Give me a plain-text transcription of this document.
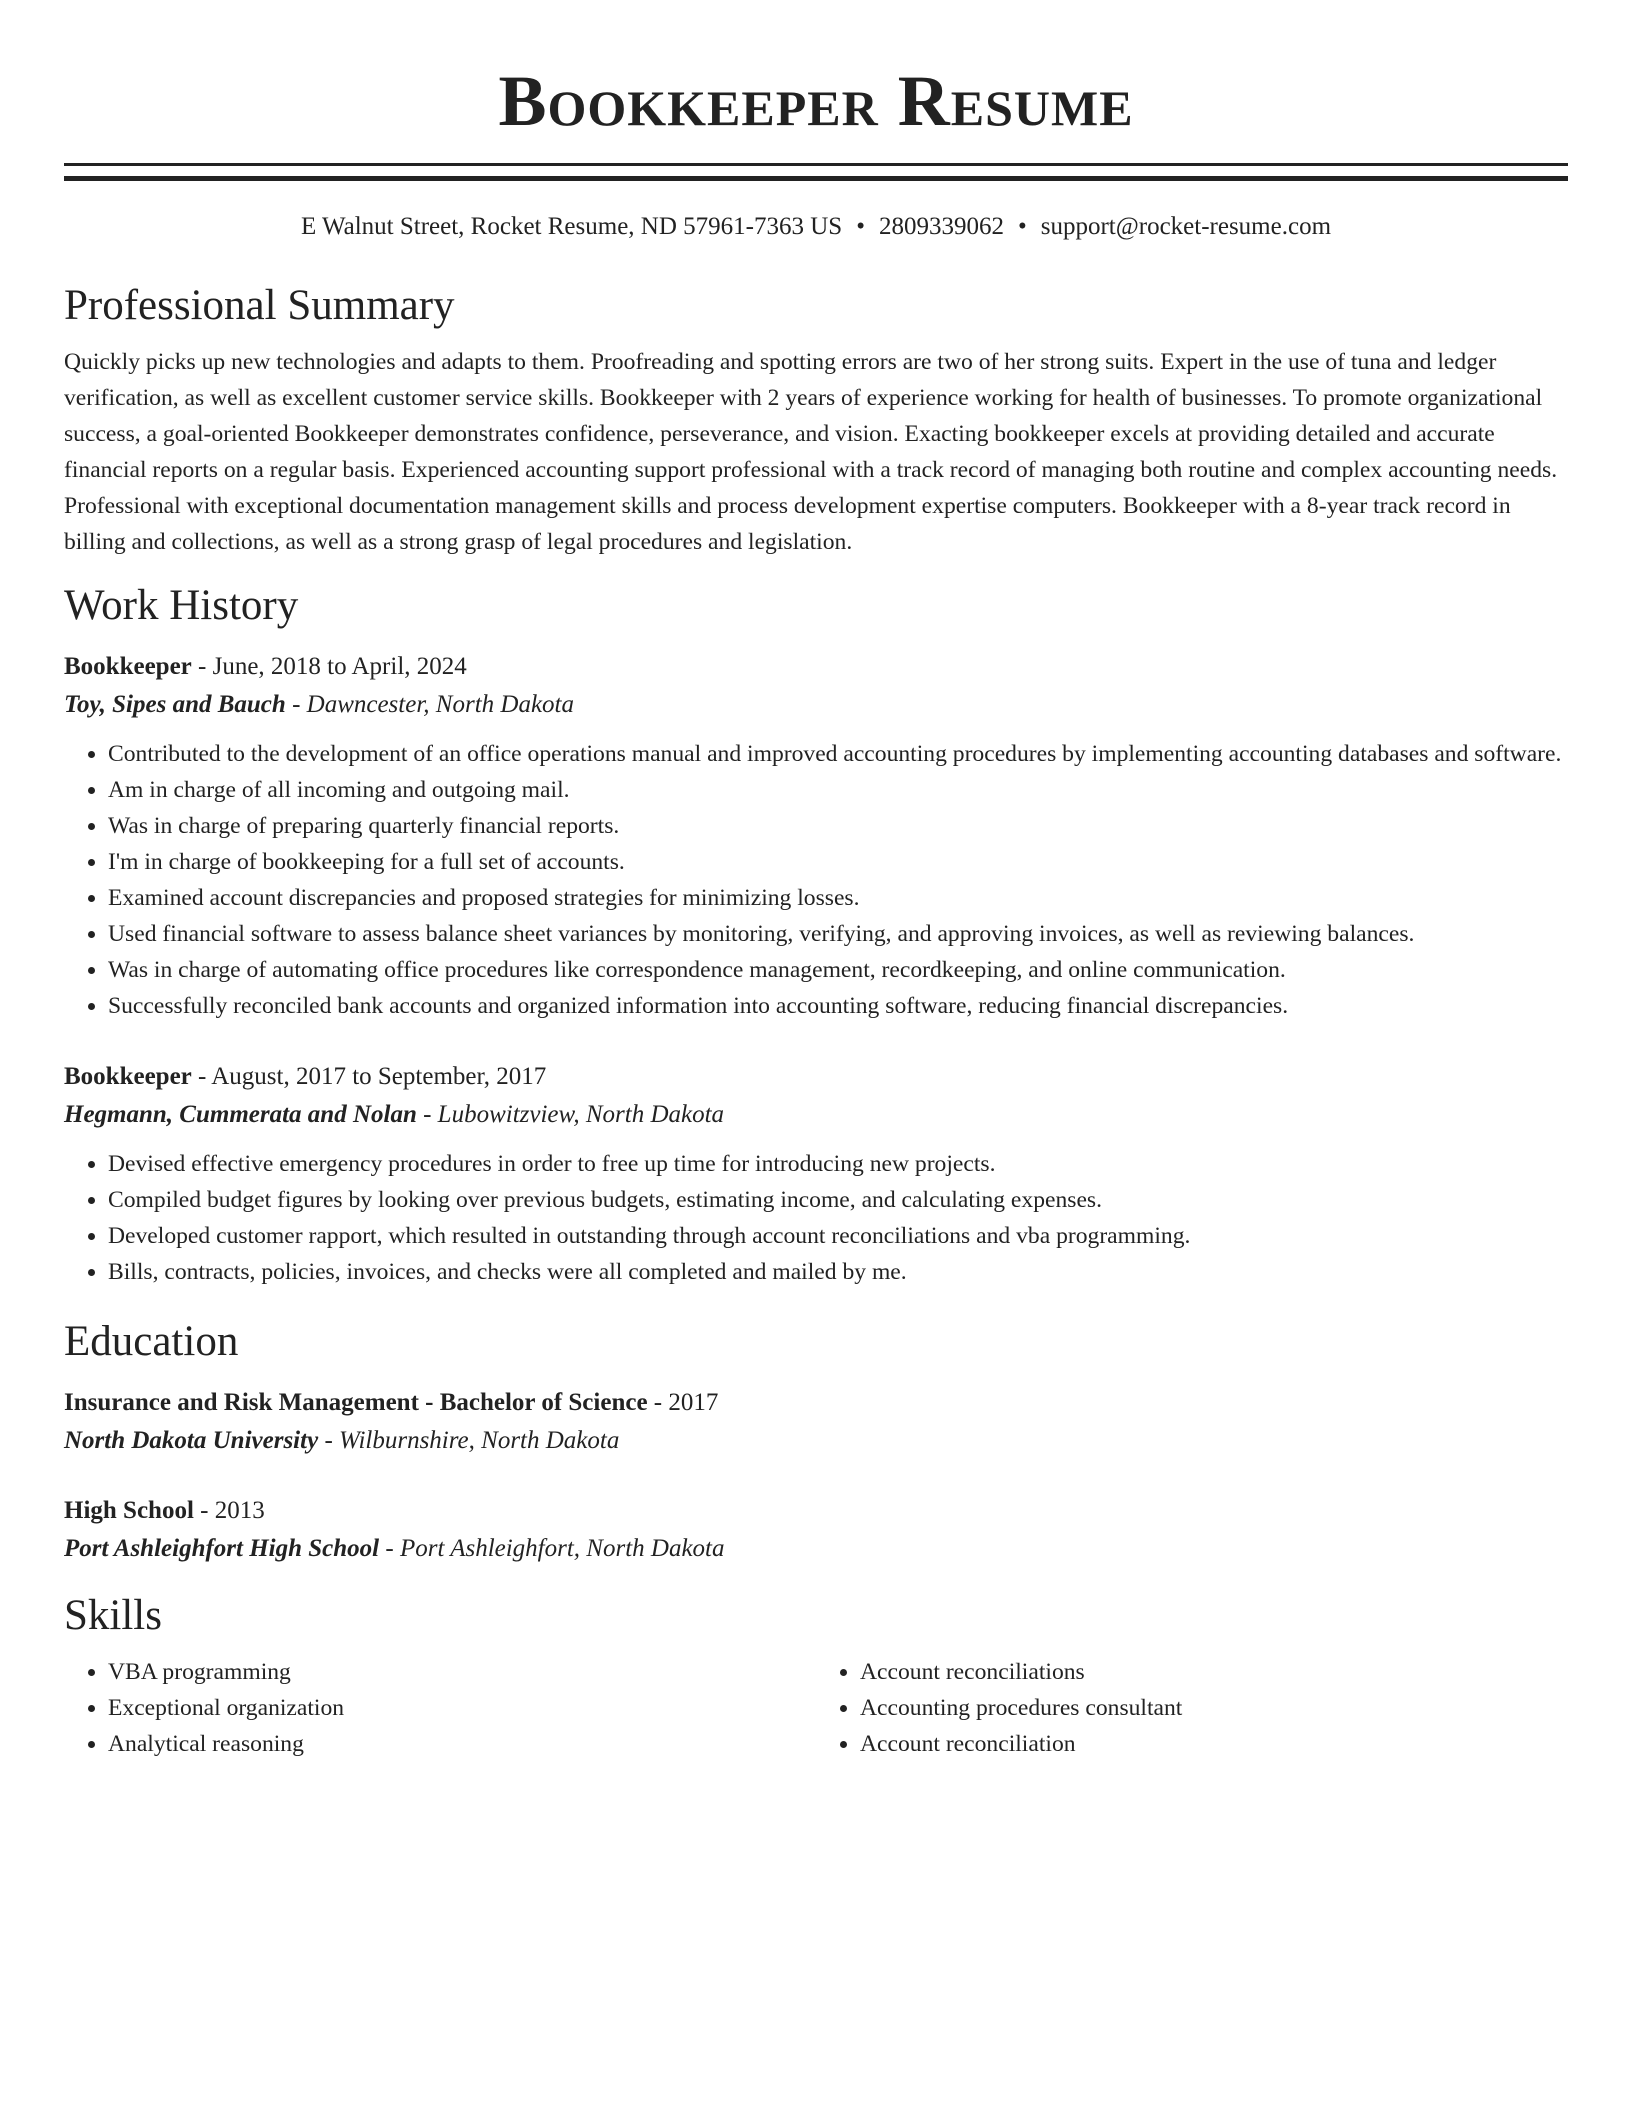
Bookkeeper Resume
E Walnut Street, Rocket Resume, ND 57961-7363 US • 2809339062 • support@rocket-resume.com
Professional Summary

Quickly picks up new technologies and adapts to them. Proofreading and spotting errors are two of her strong suits. Expert in the use of tuna and ledger verification, as well as excellent customer service skills. Bookkeeper with 2 years of experience working for health of businesses. To promote organizational success, a goal-oriented Bookkeeper demonstrates confidence, perseverance, and vision. Exacting bookkeeper excels at providing detailed and accurate financial reports on a regular basis. Experienced accounting support professional with a track record of managing both routine and complex accounting needs. Professional with exceptional documentation management skills and process development expertise computers. Bookkeeper with a 8-year track record in billing and collections, as well as a strong grasp of legal procedures and legislation.

Work History
Bookkeeper - June, 2018 to April, 2024
Toy, Sipes and Bauch - Dawncester, North Dakota
• Contributed to the development of an office operations manual and improved accounting procedures by implementing accounting databases and software.
• Am in charge of all incoming and outgoing mail.
• Was in charge of preparing quarterly financial reports.
• I'm in charge of bookkeeping for a full set of accounts.
• Examined account discrepancies and proposed strategies for minimizing losses.
• Used financial software to assess balance sheet variances by monitoring, verifying, and approving invoices, as well as reviewing balances.
• Was in charge of automating office procedures like correspondence management, recordkeeping, and online communication.
• Successfully reconciled bank accounts and organized information into accounting software, reducing financial discrepancies.
Bookkeeper - August, 2017 to September, 2017
Hegmann, Cummerata and Nolan - Lubowitzview, North Dakota
• Devised effective emergency procedures in order to free up time for introducing new projects.
• Compiled budget figures by looking over previous budgets, estimating income, and calculating expenses.
• Developed customer rapport, which resulted in outstanding through account reconciliations and vba programming.
• Bills, contracts, policies, invoices, and checks were all completed and mailed by me.
Education
Insurance and Risk Management - Bachelor of Science - 2017
North Dakota University - Wilburnshire, North Dakota
High School - 2013
Port Ashleighfort High School - Port Ashleighfort, North Dakota
Skills
• VBA programming
• Exceptional organization
• Analytical reasoning
• Account reconciliations
• Accounting procedures consultant
• Account reconciliation
